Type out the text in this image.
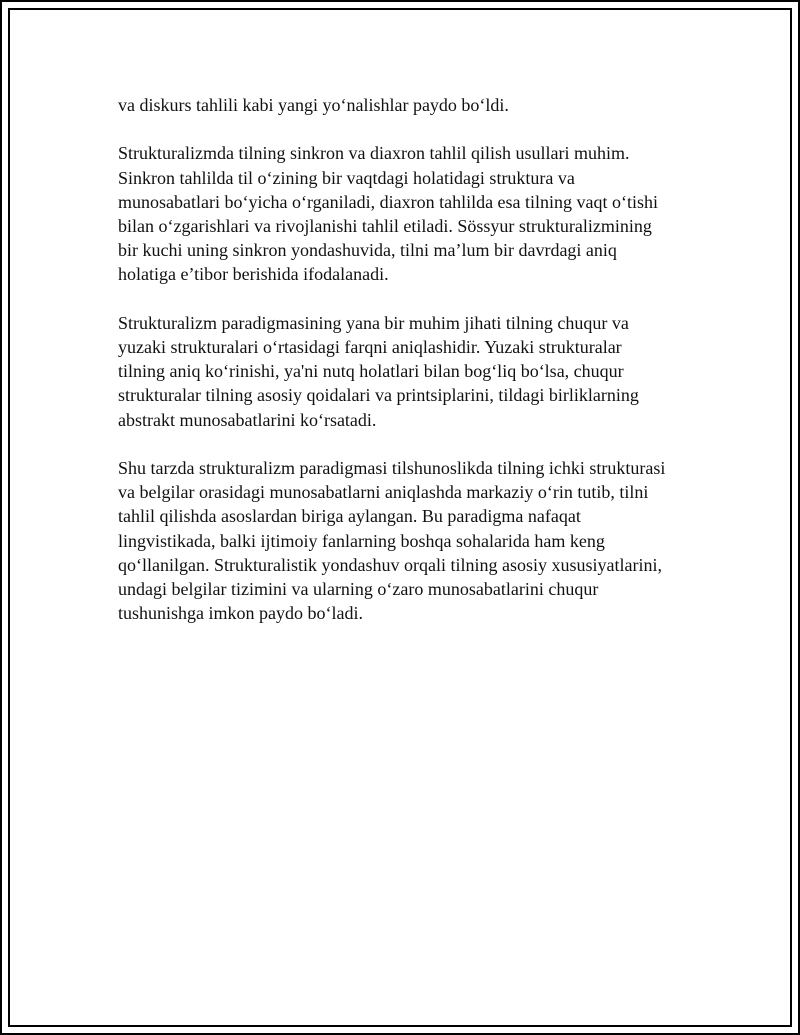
va diskurs tahlili kabi yangi yo‘nalishlar paydo bo‘ldi.

Strukturalizmda tilning sinkron va diaxron tahlil qilish usullari muhim.
Sinkron tahlilda til o‘zining bir vaqtdagi holatidagi struktura va
munosabatlari bo‘yicha o‘rganiladi, diaxron tahlilda esa tilning vaqt o‘tishi
bilan o‘zgarishlari va rivojlanishi tahlil etiladi. Sössyur strukturalizmining
bir kuchi uning sinkron yondashuvida, tilni ma’lum bir davrdagi aniq
holatiga e’tibor berishida ifodalanadi.

Strukturalizm paradigmasining yana bir muhim jihati tilning chuqur va
yuzaki strukturalari o‘rtasidagi farqni aniqlashidir. Yuzaki strukturalar
tilning aniq ko‘rinishi, ya'ni nutq holatlari bilan bog‘liq bo‘lsa, chuqur
strukturalar tilning asosiy qoidalari va printsiplarini, tildagi birliklarning
abstrakt munosabatlarini ko‘rsatadi.

Shu tarzda strukturalizm paradigmasi tilshunoslikda tilning ichki strukturasi
va belgilar orasidagi munosabatlarni aniqlashda markaziy o‘rin tutib, tilni
tahlil qilishda asoslardan biriga aylangan. Bu paradigma nafaqat
lingvistikada, balki ijtimoiy fanlarning boshqa sohalarida ham keng
qo‘llanilgan. Strukturalistik yondashuv orqali tilning asosiy xususiyatlarini,
undagi belgilar tizimini va ularning o‘zaro munosabatlarini chuqur
tushunishga imkon paydo bo‘ladi.
